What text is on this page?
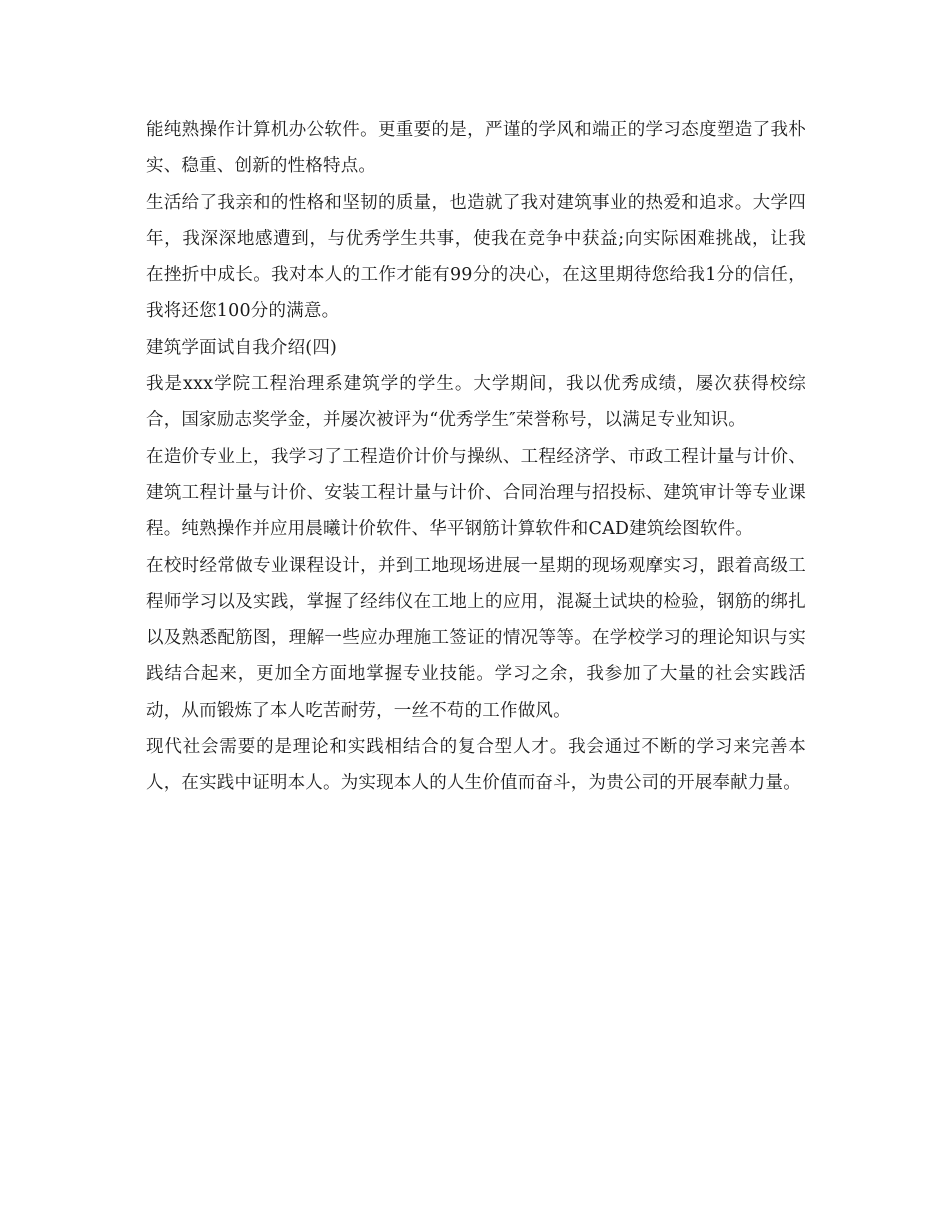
能纯熟操作计算机办公软件。更重要的是，严谨的学风和端正的学习态度塑造了我朴实、稳重、创新的性格特点。

生活给了我亲和的性格和坚韧的质量，也造就了我对建筑事业的热爱和追求。大学四年，我深深地感遭到，与优秀学生共事，使我在竞争中获益;向实际困难挑战，让我在挫折中成长。我对本人的工作才能有99分的决心，在这里期待您给我1分的信任，我将还您100分的满意。

建筑学面试自我介绍(四)

我是xxx学院工程治理系建筑学的学生。大学期间，我以优秀成绩，屡次获得校综合，国家励志奖学金，并屡次被评为“优秀学生″荣誉称号，以满足专业知识。

在造价专业上，我学习了工程造价计价与操纵、工程经济学、市政工程计量与计价、建筑工程计量与计价、安装工程计量与计价、合同治理与招投标、建筑审计等专业课程。纯熟操作并应用晨曦计价软件、华平钢筋计算软件和CAD建筑绘图软件。

在校时经常做专业课程设计，并到工地现场进展一星期的现场观摩实习，跟着高级工程师学习以及实践，掌握了经纬仪在工地上的应用，混凝土试块的检验，钢筋的绑扎以及熟悉配筋图，理解一些应办理施工签证的情况等等。在学校学习的理论知识与实践结合起来，更加全方面地掌握专业技能。学习之余，我参加了大量的社会实践活动，从而锻炼了本人吃苦耐劳，一丝不苟的工作做风。

现代社会需要的是理论和实践相结合的复合型人才。我会通过不断的学习来完善本人，在实践中证明本人。为实现本人的人生价值而奋斗，为贵公司的开展奉献力量。
